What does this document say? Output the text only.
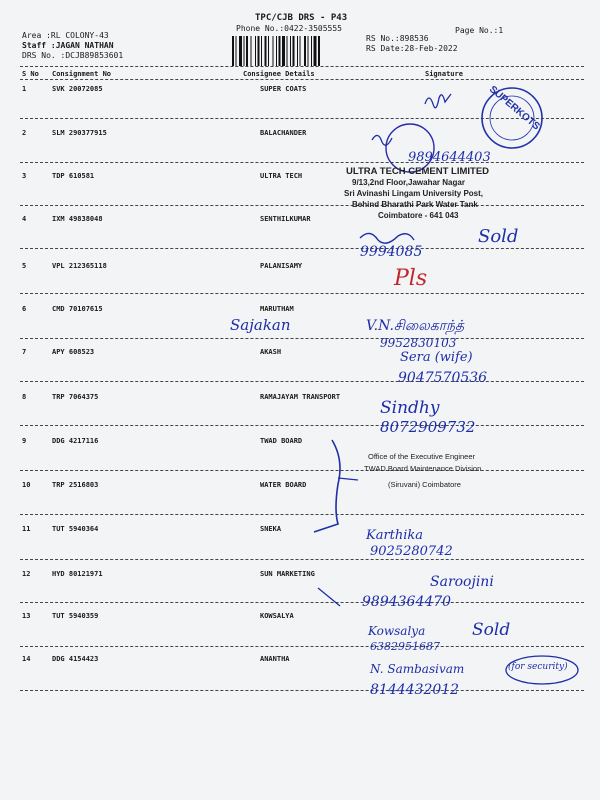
TPC/CJB DRS - P43
Phone No.:0422-3505555	Page No.:1
Area :RL COLONY-43
Staff :JAGAN NATHAN
DRS No. :DCJB89853601
RS No.:898536
RS Date:28-Feb-2022
S No Consignment No	Consignee Details	Signature
1	SVK 20072085	SUPER COATS
2	SLM 290377915	BALACHANDER
3	TDP 610581	ULTRA TECH
4	IXM 49838048	SENTHILKUMAR
5	VPL 212365118	PALANISAMY
6	CMD 70107615	MARUTHAM
7	APY 608523	AKASH
8	TRP 7064375	RAMAJAYAM TRANSPORT
9	DDG 4217116	TWAD BOARD
10	TRP 2516803	WATER BOARD
11	TUT 5940364	SNEKA
12	HYD 80121971	SUN MARKETING
13	TUT 5940359	KOWSALYA
14	DDG 4154423	ANANTHA
SUPERKOTS
ULTRA TECH CEMENT LIMITED
9/13,2nd Floor,Jawahar Nagar
Sri Avinashi Lingam University Post,
Behind Bharathi Park Water Tank
Coimbatore - 641 043
Office of the Executive Engineer
TWAD Board Maintenance Division
(Siruvani) Coimbatore
9894644403
Sold
9994085
Pls
Sajakan	V.N.சிலைகாந்த்
9952830103
Sera (wife)
9047570536
Sindhy
8072909732
Karthika
9025280742
Saroojini
9894364470
Kowsalya	Sold
6382951687
N. Sambasivam	(for security)
8144432012
